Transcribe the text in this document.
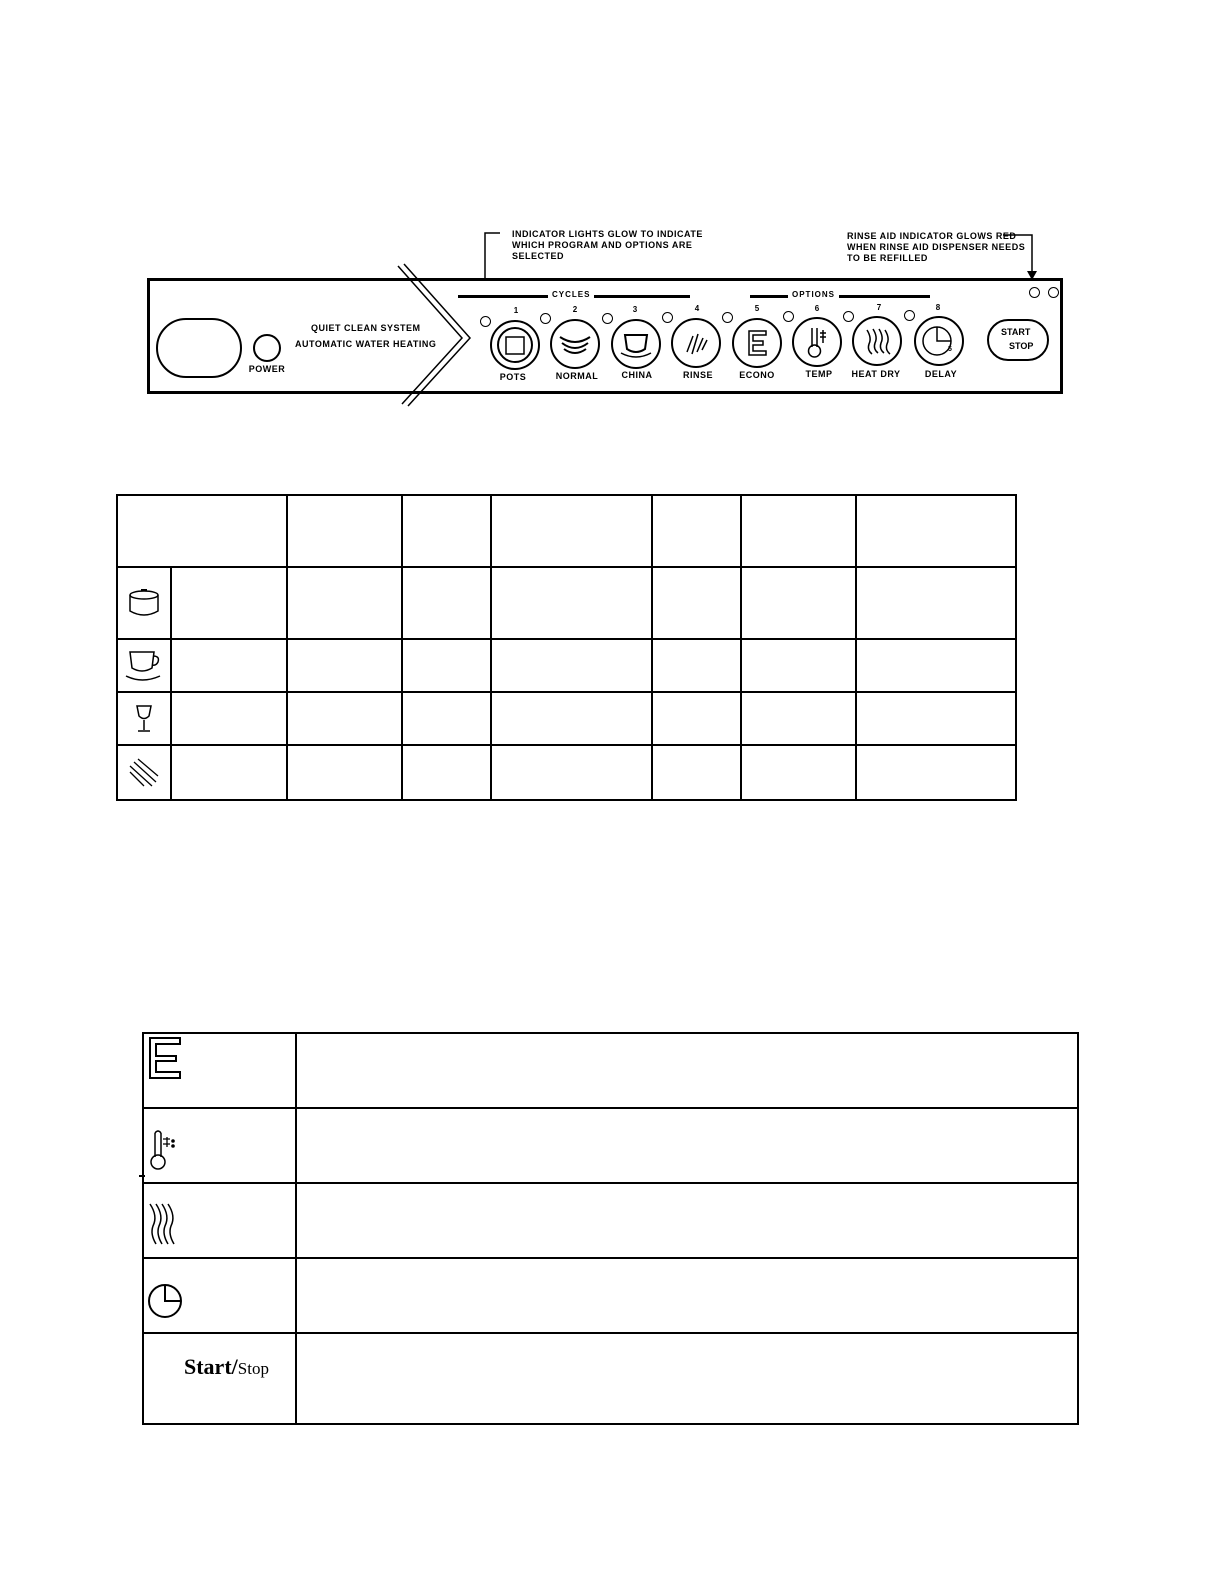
INDICATOR LIGHTS GLOW TO INDICATE
WHICH PROGRAM AND OPTIONS ARE
SELECTED
RINSE AID INDICATOR GLOWS RED
WHEN RINSE AID DISPENSER NEEDS
TO BE REFILLED
POWER
QUIET CLEAN SYSTEM
AUTOMATIC WATER HEATING
CYCLES	OPTIONS
1	2	3	4	5	6	7	8
5
POTS	NORMAL	CHINA	RINSE	ECONO	TEMP	HEAT DRY	DELAY
START
STOP

Start/Stop	
